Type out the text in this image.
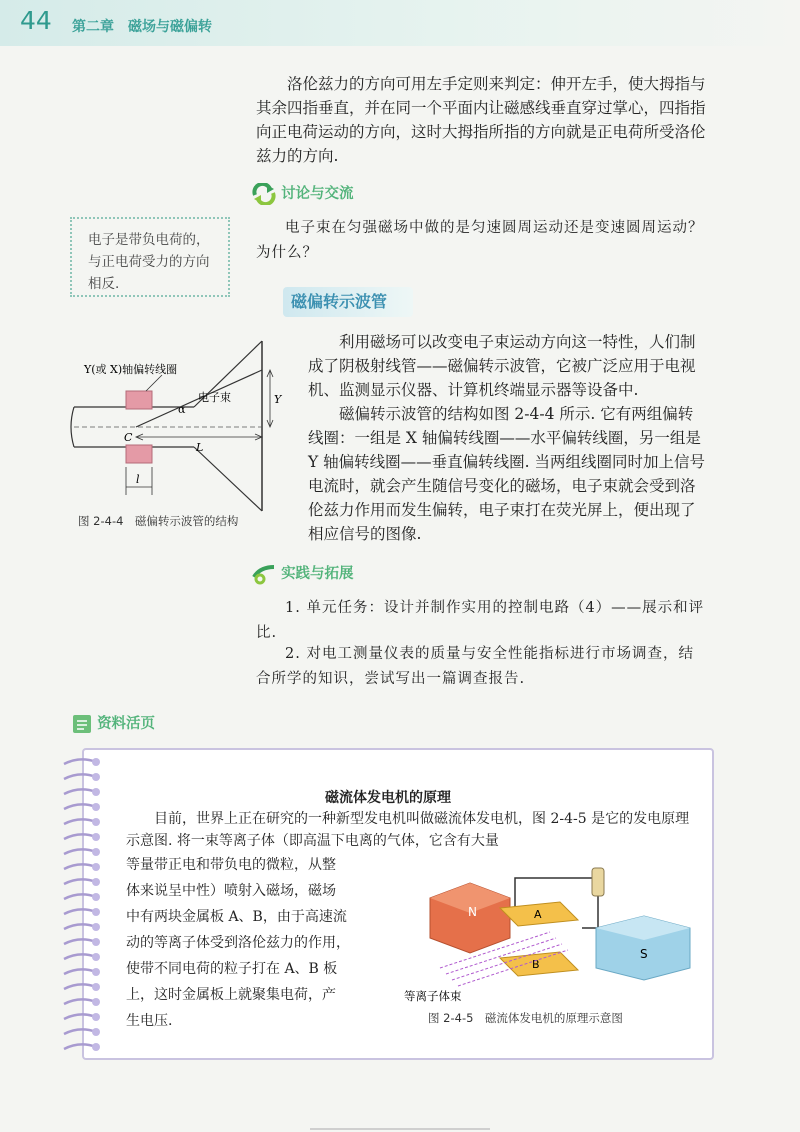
44 第二章　磁场与磁偏转

洛伦兹力的方向可用左手定则来判定：伸开左手，使大拇指与其余四指垂直，并在同一个平面内让磁感线垂直穿过掌心，四指指向正电荷运动的方向，这时大拇指所指的方向就是正电荷所受洛伦兹力的方向.

讨论与交流

电子束在匀强磁场中做的是匀速圆周运动还是变速圆周运动？为什么？

电子是带负电荷的，与正电荷受力的方向相反.
磁偏转示波管
Y(或 X)轴偏转线圈
电子束
α
Y
C
L
l
图 2-4-4　磁偏转示波管的结构

利用磁场可以改变电子束运动方向这一特性，人们制成了阴极射线管——磁偏转示波管，它被广泛应用于电视机、监测显示仪器、计算机终端显示器等设备中.

磁偏转示波管的结构如图 2-4-4 所示. 它有两组偏转线圈：一组是 X 轴偏转线圈——水平偏转线圈，另一组是 Y 轴偏转线圈——垂直偏转线圈. 当两组线圈同时加上信号电流时，就会产生随信号变化的磁场，电子束就会受到洛伦兹力作用而发生偏转，电子束打在荧光屏上，便出现了相应信号的图像.

实践与拓展

1. 单元任务：设计并制作实用的控制电路（4）——展示和评比.

2. 对电工测量仪表的质量与安全性能指标进行市场调查，结合所学的知识，尝试写出一篇调查报告.

资料活页
磁流体发电机的原理

目前，世界上正在研究的一种新型发电机叫做磁流体发电机，图 2-4-5 是它的发电原理示意图. 将一束等离子体（即高温下电离的气体，它含有大量

等量带正电和带负电的微粒，从整
体来说呈中性）喷射入磁场，磁场
中有两块金属板 A、B，由于高速流
动的等离子体受到洛伦兹力的作用，
使带不同电荷的粒子打在 A、B 板
上，这时金属板上就聚集电荷，产
生电压.
N	A
B
S
等离子体束
图 2-4-5　磁流体发电机的原理示意图
